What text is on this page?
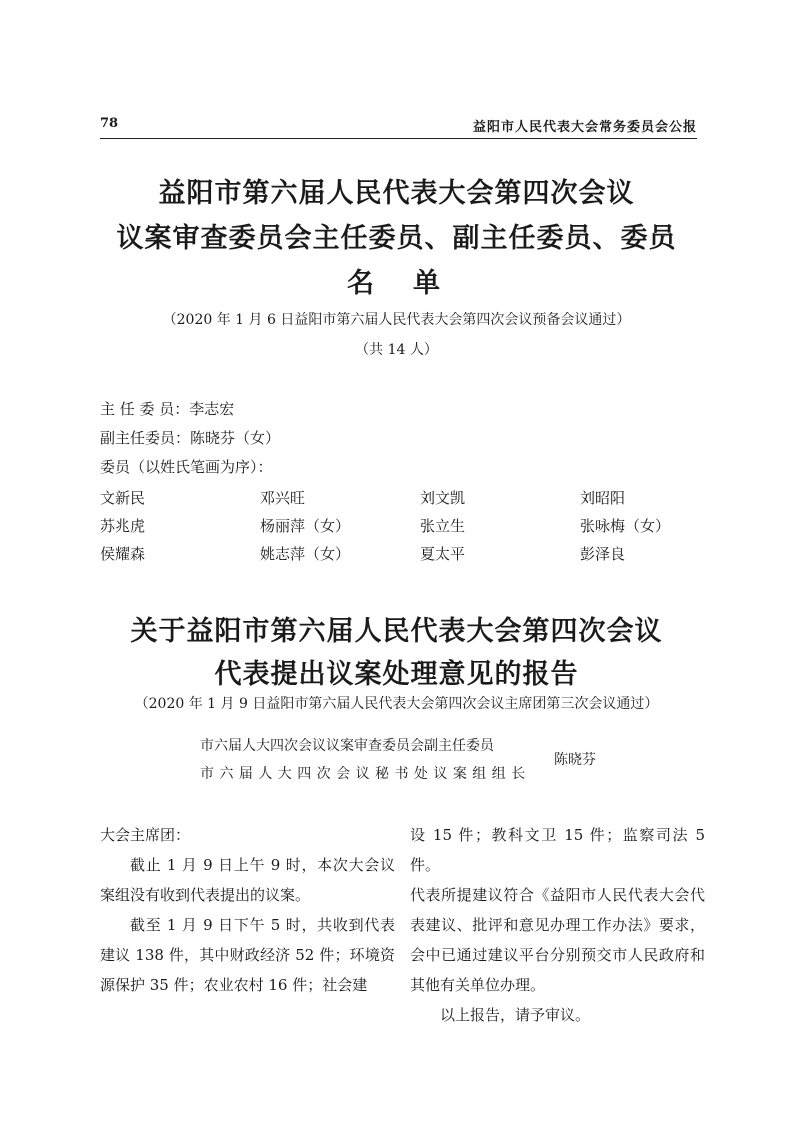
78	益阳市人民代表大会常务委员会公报
益阳市第六届人民代表大会第四次会议
议案审查委员会主任委员、副主任委员、委员
名　单
（2020 年 1 月 6 日益阳市第六届人民代表大会第四次会议预备会议通过）
（共 14 人）
主 任 委 员：李志宏
副主任委员：陈晓芬（女）
委员（以姓氏笔画为序）：
文新民	邓兴旺	刘文凯	刘昭阳
苏兆虎	杨丽萍（女）	张立生	张咏梅（女）
侯耀森	姚志萍（女）	夏太平	彭泽良
关于益阳市第六届人民代表大会第四次会议
代表提出议案处理意见的报告
（2020 年 1 月 9 日益阳市第六届人民代表大会第四次会议主席团第三次会议通过）
市六届人大四次会议议案审查委员会副主任委员
市 六 届 人 大 四 次 会 议 秘 书 处 议 案 组 组 长
陈晓芬

大会主席团：

截止 1 月 9 日上午 9 时，本次大会议案组没有收到代表提出的议案。

截至 1 月 9 日下午 5 时，共收到代表建议 138 件，其中财政经济 52 件；环境资源保护 35 件；农业农村 16 件；社会建

设 15 件；教科文卫 15 件；监察司法 5 件。

代表所提建议符合《益阳市人民代表大会代表建议、批评和意见办理工作办法》要求，会中已通过建议平台分别预交市人民政府和其他有关单位办理。

以上报告，请予审议。
